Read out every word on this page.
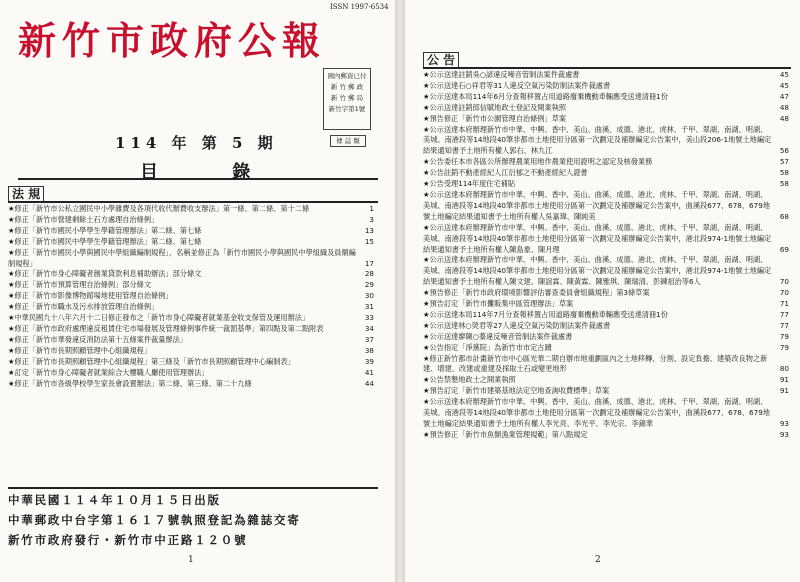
ISSN 1997-6534
新竹市政府公報
國內郵資已付
新 竹 郵 政
新 竹 郵 局
新竹字第1號
傳 誌 類
114 年 第 5 期
目 錄
法 規
★修正「新竹市公私立國民中小學雜費及各項代收代辦費收支辦法」第一條、第二條、第十二條	1
★修正「新竹市營建剩餘土石方處理自治條例」	3
★修正「新竹市國民小學學生學籍管理辦法」第二條、第七條	13
★修正「新竹市國民中學學生學籍管理辦法」第二條、第七條	15
★修正「新竹市國民小學與國民中學組織編制規程」，名稱並修正為「新竹市國民小學與國民中學組織及員額編制規程」	17
★修正「新竹市身心障礙者創業貸款利息補助辦法」部分條文	28
★修正「新竹市預算管理自治條例」部分條文	29
★修正「新竹市影像博物館場地使用管理自治條例」	30
★修正「新竹市職水及污水排放管理自治條例」	31
★中華民國九十八年六月十二日修正發布之「新竹市身心障礙者就業基金收支保管及運用辦法」	33
★修正「新竹市政府處理違反租賃住宅市場發展及管理條例事件統一裁罰基準」第四點及第二點附表	34
★修正「新竹市華發違反消防法第十五條案件裁量辦法」	37
★修正「新竹市長期照顧管理中心組織規程」	38
★修正「新竹市長期照顧管理中心組織規程」第三條及「新竹市長期照顧管理中心編制表」	39
★訂定「新竹市身心障礙者就業綜合大樓職人廳使用管理辦法」	41
★修正「新竹市各級學校學生家長會設置辦法」第二條、第三條、第二十九條	44
中華民國１１４年１０月１５日出版
中華郵政中台字第１６１７號執照登記為雜誌交寄
新竹市政府發行・新竹市中正路１２０號
1
公 告
★公示送達註銷吳○諺違反噪音管制法案件裁處書	45
★公示送達石○祥君等31人違反空氣污染防制法案件裁處書	45
★公示送達本局114年6月分查報移置占用道路廢棄機動車輛應受送達清冊1份	47
★公示送達註銷郎信賦地政士登記及開業執照	48
★預告修正「新竹市公園管理自治條例」草案	48
★公示送達本府辦理新竹市中華、中興、香中、美山、曲溪、成德、港北、虎林、千甲、翠湖、南湖、明湖、美城、南港段等14地段40筆非都市土地使用分區第一次劃定及補辦編定公告案中，美山段206-1地號土地編定結果通知書予土地所有權人郭右、林九江	56
★公告委任本市各區公所辦理農業用地作農業使用證明之認定及核發業務	57
★公告註銷不動產經紀人江衍郁之不動產經紀人證書	58
★公告受理114年度住宅補貼	58
★公示送達本府辦理新竹市中華、中興、香中、美山、曲溪、成德、港北、虎林、千甲、翠湖、南湖、明湖、美城、南港段等14地段40筆非都市土地使用分區第一次劃定及補辦編定公告案中，曲溪段677、678、679地號土地編定結果通知書予土地所有權人吳嘉瑋、陳純美	68
★公示送達本府辦理新竹市中華、中興、香中、美山、曲溪、成德、港北、虎林、千甲、翠湖、南湖、明湖、美城、南港段等14地段40筆非都市土地使用分區第一次劃定及補辦編定公告案中，港北段974-1地號土地編定結果通知書予土地所有權人陳島象、陳月理	69
★公示送達本府辦理新竹市中華、中興、香中、美山、曲溪、成德、港北、虎林、千甲、翠湖、南湖、明湖、美城、南港段等14地段40筆非都市土地使用分區第一次劃定及補辦編定公告案中，港北段974-1地號土地編定結果通知書予土地所有權人陳文建、陳誼霖、陳黃霖、陳雅琪、陳瑞清、彭鍊祖治等6人	70
★預告修正「新竹市政府環境影響評估審查委員會組織規程」第3條草案	70
★預告訂定「新竹市攤販集中區管理辦法」草案	71
★公示送達本局114年7月分查報移置占用道路廢棄機動車輛應受送達清冊1份	77
★公示送達林○熒君等27人違反空氣污染防制法案件裁處書	77
★公示送達廖陳○蓁違反噪音管制法案件裁處書	79
★公告指定「淨黨院」為新竹市市定古蹟	79
★修正新竹都市計畫新竹市中心區光華二期自辦市地重劃區內之土地移轉、分割、設定負擔、建築改良物之新建、增建、改建或重建及採取土石或變更地形	80
★公告禁墾地政士之開業執照	91
★預告訂定「新竹市建築基地法定空地查詢收費標準」草案	91
★公示送達本府辦理新竹市中華、中興、香中、美山、曲溪、成德、港北、虎林、千甲、翠湖、南湖、明湖、美城、南港段等14地段40筆非都市土地使用分區第一次劃定及補辦編定公告案中，曲溪段677、678、679地號土地編定結果通知書予土地所有權人李光亮、李光平、李光宗、李錦華	93
★預告修正「新竹市魚類漁業管理規範」第八點規定	93
2
